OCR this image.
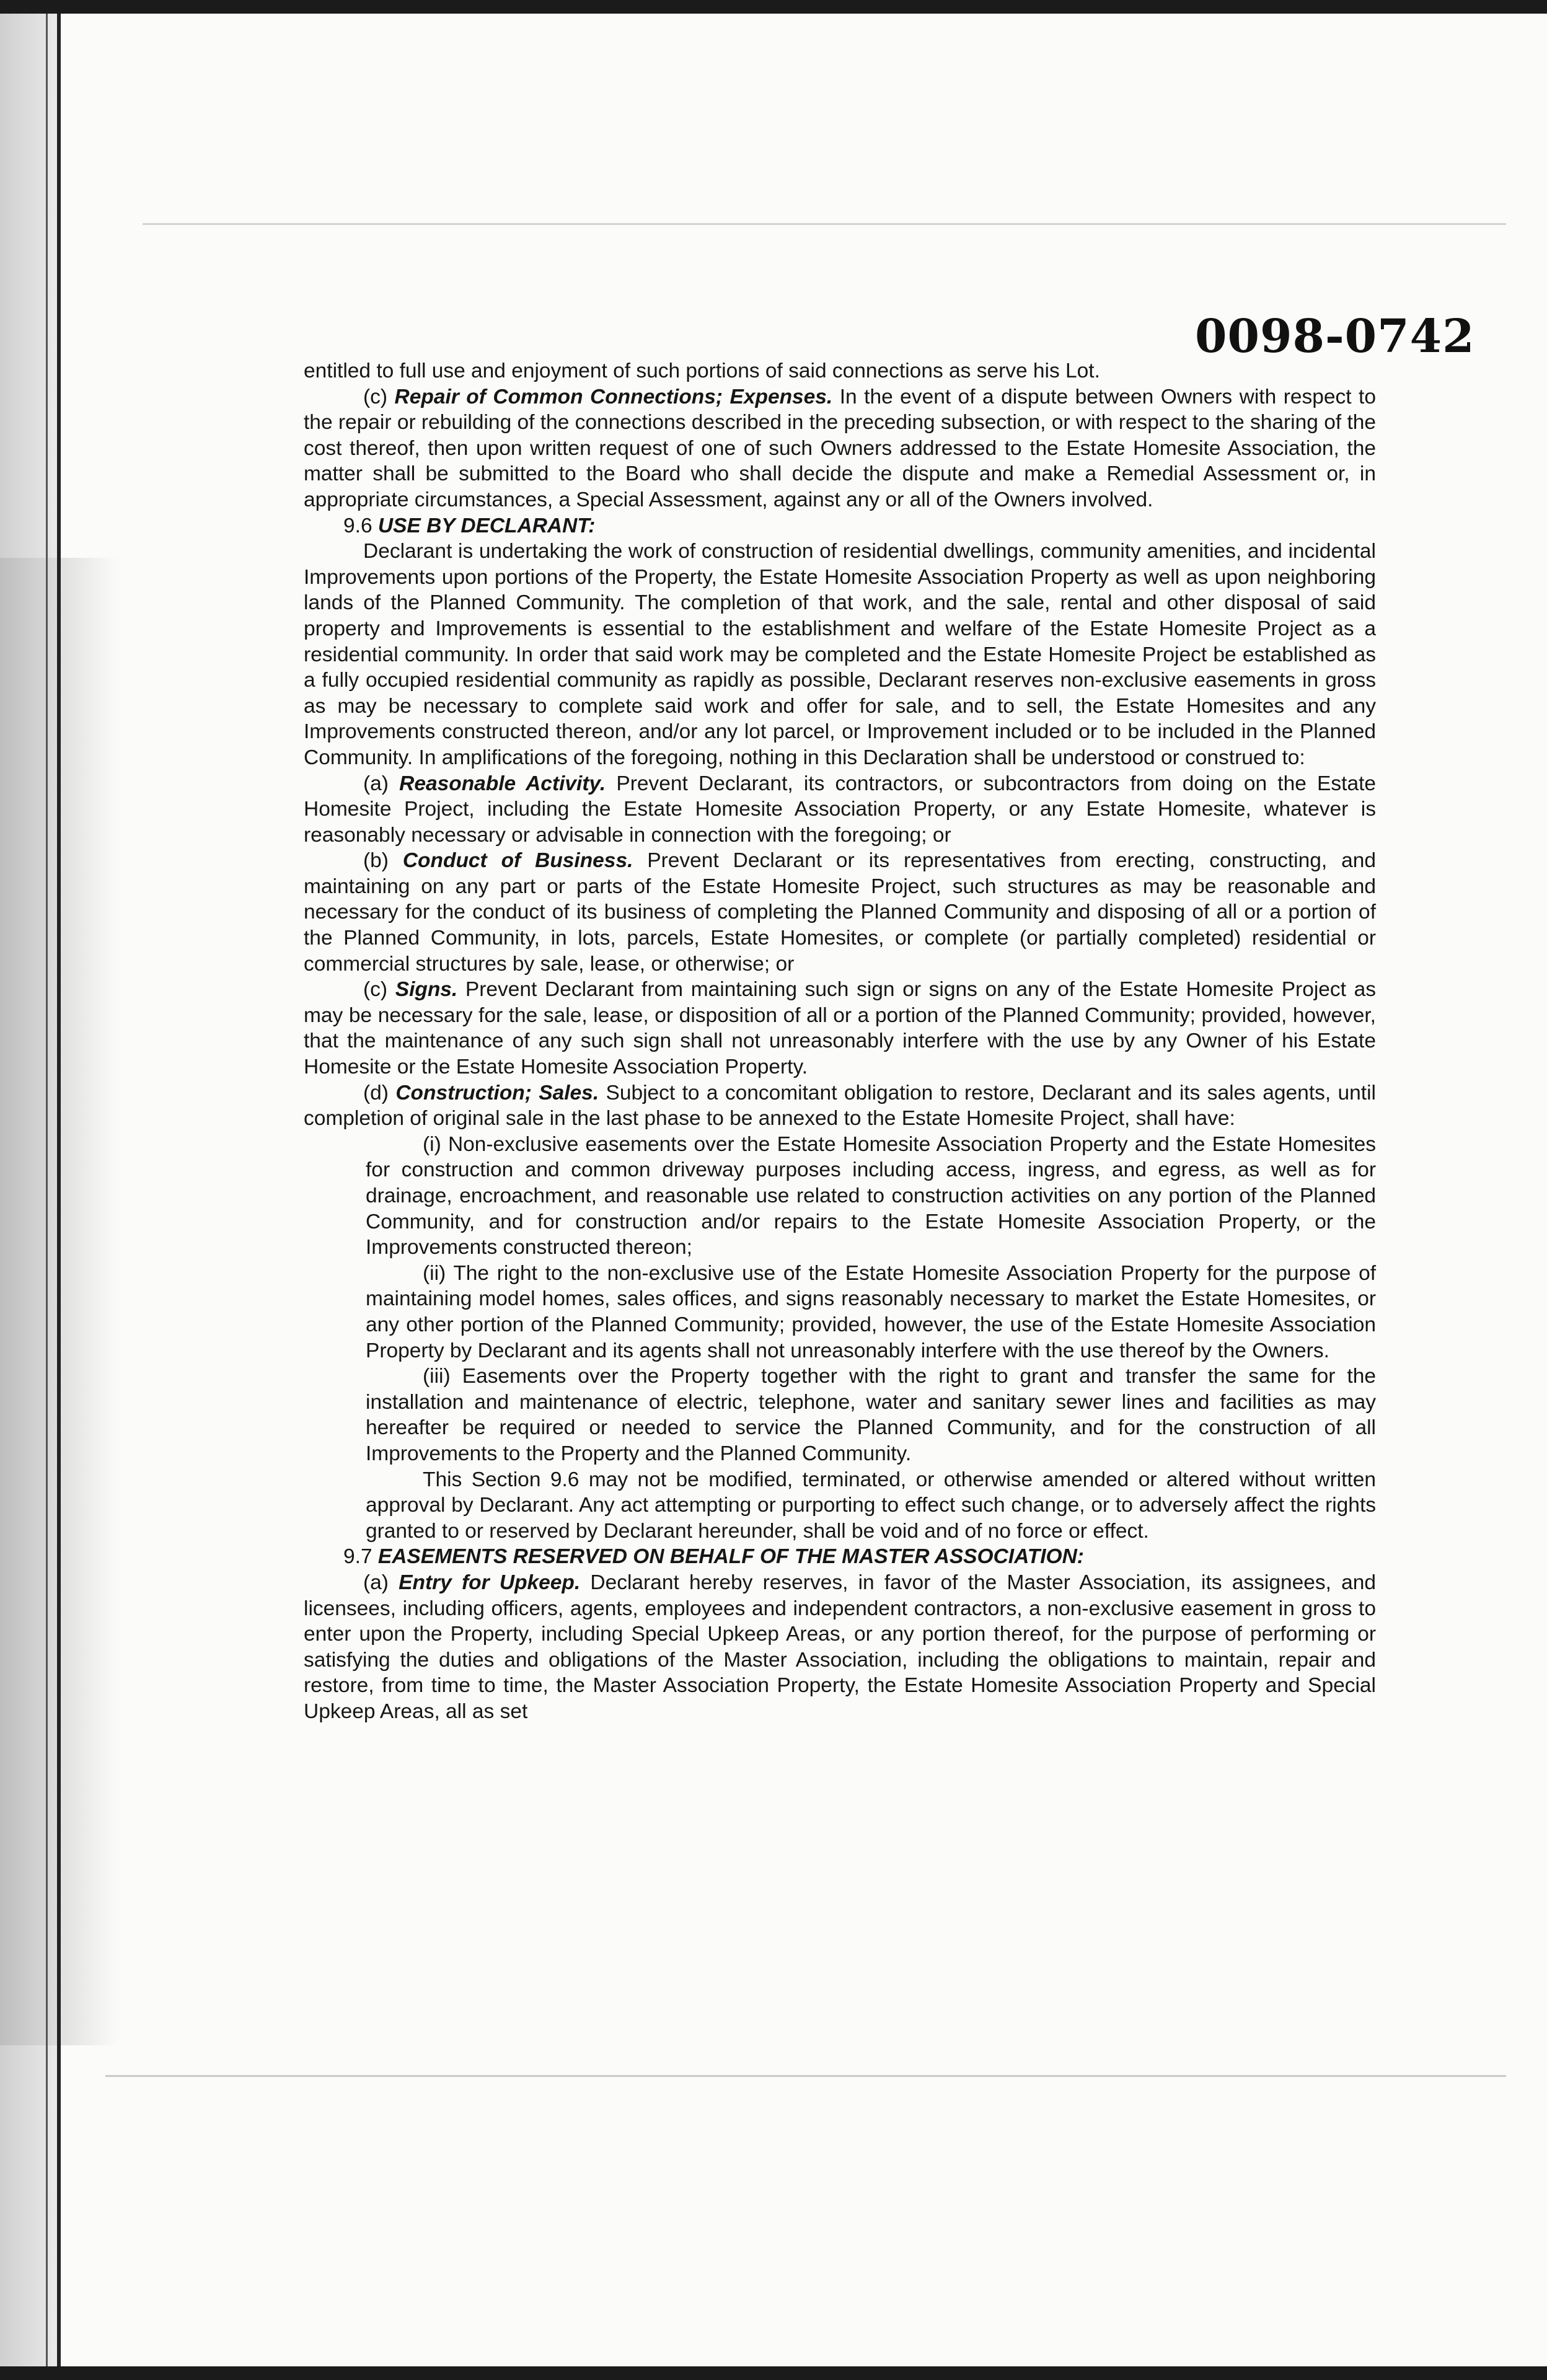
0098-0742

entitled to full use and enjoyment of such portions of said connections as serve his Lot.

(c) Repair of Common Connections; Expenses. In the event of a dispute between Owners with respect to the repair or rebuilding of the connections described in the preceding subsection, or with respect to the sharing of the cost thereof, then upon written request of one of such Owners addressed to the Estate Homesite Association, the matter shall be submitted to the Board who shall decide the dispute and make a Remedial Assessment or, in appropriate circumstances, a Special Assessment, against any or all of the Owners involved.

9.6 USE BY DECLARANT:

Declarant is undertaking the work of construction of residential dwellings, community amenities, and incidental Improvements upon portions of the Property, the Estate Homesite Association Property as well as upon neighboring lands of the Planned Community. The completion of that work, and the sale, rental and other disposal of said property and Improvements is essential to the establishment and welfare of the Estate Homesite Project as a residential community. In order that said work may be completed and the Estate Homesite Project be established as a fully occupied residential community as rapidly as possible, Declarant reserves non-exclusive easements in gross as may be necessary to complete said work and offer for sale, and to sell, the Estate Homesites and any Improvements constructed thereon, and/or any lot parcel, or Improvement included or to be included in the Planned Community. In amplifications of the foregoing, nothing in this Declaration shall be understood or construed to:

(a) Reasonable Activity. Prevent Declarant, its contractors, or subcontractors from doing on the Estate Homesite Project, including the Estate Homesite Association Property, or any Estate Homesite, whatever is reasonably necessary or advisable in connection with the foregoing; or

(b) Conduct of Business. Prevent Declarant or its representatives from erecting, constructing, and maintaining on any part or parts of the Estate Homesite Project, such structures as may be reasonable and necessary for the conduct of its business of completing the Planned Community and disposing of all or a portion of the Planned Community, in lots, parcels, Estate Homesites, or complete (or partially completed) residential or commercial structures by sale, lease, or otherwise; or

(c) Signs. Prevent Declarant from maintaining such sign or signs on any of the Estate Homesite Project as may be necessary for the sale, lease, or disposition of all or a portion of the Planned Community; provided, however, that the maintenance of any such sign shall not unreasonably interfere with the use by any Owner of his Estate Homesite or the Estate Homesite Association Property.

(d) Construction; Sales. Subject to a concomitant obligation to restore, Declarant and its sales agents, until completion of original sale in the last phase to be annexed to the Estate Homesite Project, shall have:

(i) Non-exclusive easements over the Estate Homesite Association Property and the Estate Homesites for construction and common driveway purposes including access, ingress, and egress, as well as for drainage, encroachment, and reasonable use related to construction activities on any portion of the Planned Community, and for construction and/or repairs to the Estate Homesite Association Property, or the Improvements constructed thereon;

(ii) The right to the non-exclusive use of the Estate Homesite Association Property for the purpose of maintaining model homes, sales offices, and signs reasonably necessary to market the Estate Homesites, or any other portion of the Planned Community; provided, however, the use of the Estate Homesite Association Property by Declarant and its agents shall not unreasonably interfere with the use thereof by the Owners.

(iii) Easements over the Property together with the right to grant and transfer the same for the installation and maintenance of electric, telephone, water and sanitary sewer lines and facilities as may hereafter be required or needed to service the Planned Community, and for the construction of all Improvements to the Property and the Planned Community.

This Section 9.6 may not be modified, terminated, or otherwise amended or altered without written approval by Declarant. Any act attempting or purporting to effect such change, or to adversely affect the rights granted to or reserved by Declarant hereunder, shall be void and of no force or effect.

9.7 EASEMENTS RESERVED ON BEHALF OF THE MASTER ASSOCIATION:

(a) Entry for Upkeep. Declarant hereby reserves, in favor of the Master Association, its assignees, and licensees, including officers, agents, employees and independent contractors, a non-exclusive easement in gross to enter upon the Property, including Special Upkeep Areas, or any portion thereof, for the purpose of performing or satisfying the duties and obligations of the Master Association, including the obligations to maintain, repair and restore, from time to time, the Master Association Property, the Estate Homesite Association Property and Special Upkeep Areas, all as set
